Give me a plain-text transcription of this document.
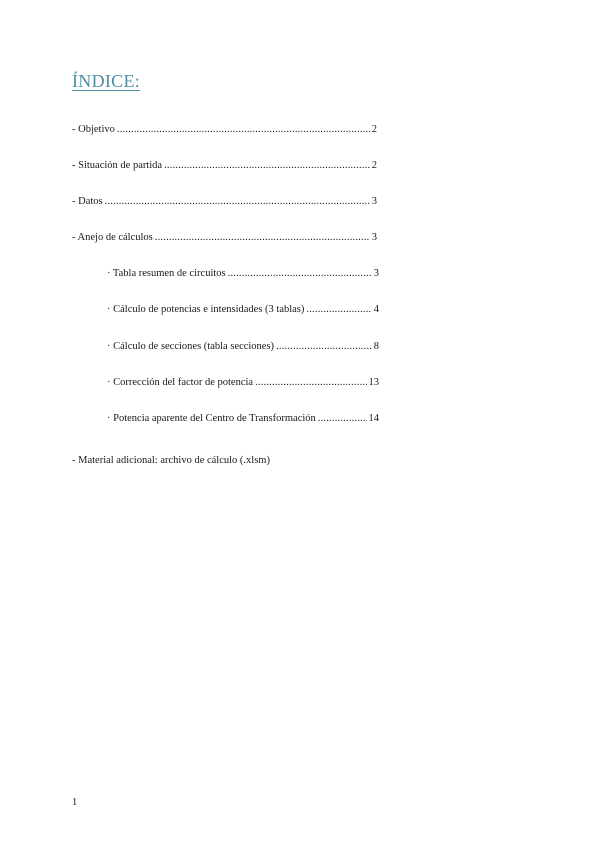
ÍNDICE:
- Objetivo .....	2
- Situación de partida .....	2
- Datos .....	3
- Anejo de cálculos .....	3
· Tabla resumen de circuitos .....	3
· Cálculo de potencias e intensidades (3 tablas) .....	4
· Cálculo de secciones (tabla secciones) .....	8
· Corrección del factor de potencia .....	13
· Potencia aparente del Centro de Transformación .....	14
- Material adicional: archivo de cálculo (.xlsm)
1
